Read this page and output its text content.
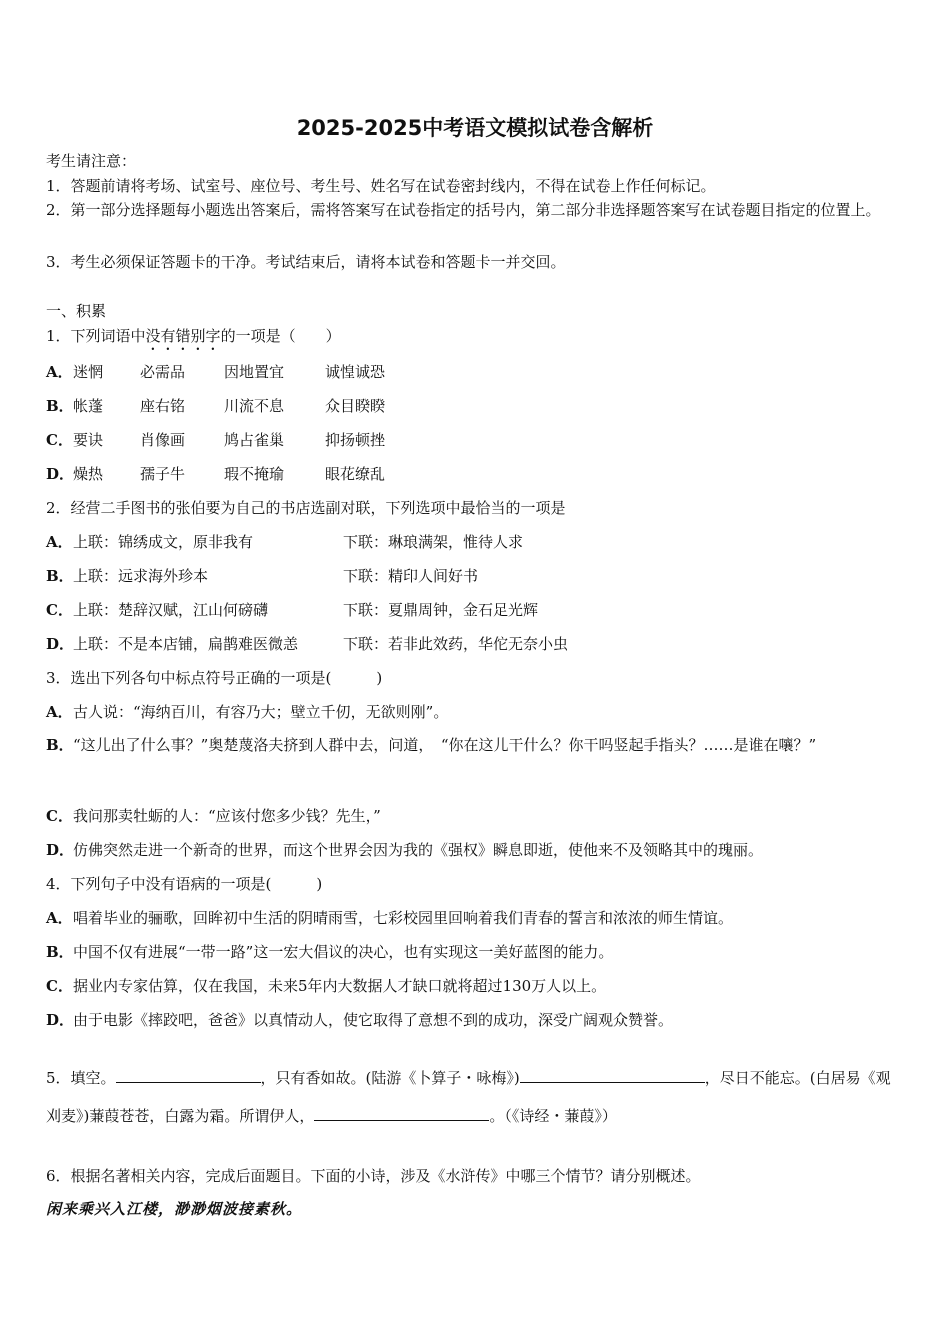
2025-2025中考语文模拟试卷含解析
考生请注意：
1．答题前请将考场、试室号、座位号、考生号、姓名写在试卷密封线内，不得在试卷上作任何标记。
2．第一部分选择题每小题选出答案后，需将答案写在试卷指定的括号内，第二部分非选择题答案写在试卷题目指定的位置上。
3．考生必须保证答题卡的干净。考试结束后，请将本试卷和答题卡一并交回。
一、积累
1．下列词语中没有错别字的一项是（　　）
A．迷惘 必需品	因地置宜	诚惶诚恐
B．帐蓬 座右铭	川流不息	众目睽睽
C．要诀 肖像画	鸠占雀巢	抑扬顿挫
D．燥热 孺子牛	瑕不掩瑜	眼花缭乱
2．经营二手图书的张伯要为自己的书店选副对联，下列选项中最恰当的一项是
A．上联：锦绣成文，原非我有	下联：琳琅满架，惟待人求
B．上联：远求海外珍本	下联：精印人间好书
C．上联：楚辞汉赋，江山何磅礴	下联：夏鼎周钟，金石足光辉
D．上联：不是本店铺，扁鹊难医微恙	下联：若非此效药，华佗无奈小虫
3．选出下列各句中标点符号正确的一项是(　　　)
A．古人说：“海纳百川，有容乃大；壁立千仞，无欲则刚”。
B．“这儿出了什么事？”奥楚蔑洛夫挤到人群中去，问道，　“你在这儿干什么？你干吗竖起手指头？……是谁在嚷？”
C．我问那卖牡蛎的人：“应该付您多少钱？先生，”
D．仿佛突然走进一个新奇的世界，而这个世界会因为我的《强权》瞬息即逝，使他来不及领略其中的瑰丽。
4．下列句子中没有语病的一项是(　　　)
A．唱着毕业的骊歌，回眸初中生活的阴晴雨雪，七彩校园里回响着我们青春的誓言和浓浓的师生情谊。
B．中国不仅有进展“一带一路”这一宏大倡议的决心，也有实现这一美好蓝图的能力。
C．据业内专家估算，仅在我国，未来5年内大数据人才缺口就将超过130万人以上。
D．由于电影《摔跤吧，爸爸》以真情动人，使它取得了意想不到的成功，深受广阔观众赞誉。
5．填空。	，只有香如故。(陆游《卜算子・咏梅》)	，尽日不能忘。(白居易《观刈麦》)蒹葭苍苍，白露为霜。所谓伊人，	。（《诗经・蒹葭》）
6．根据名著相关内容，完成后面题目。下面的小诗，涉及《水浒传》中哪三个情节？请分别概述。
闲来乘兴入江楼，渺渺烟波接素秋。
